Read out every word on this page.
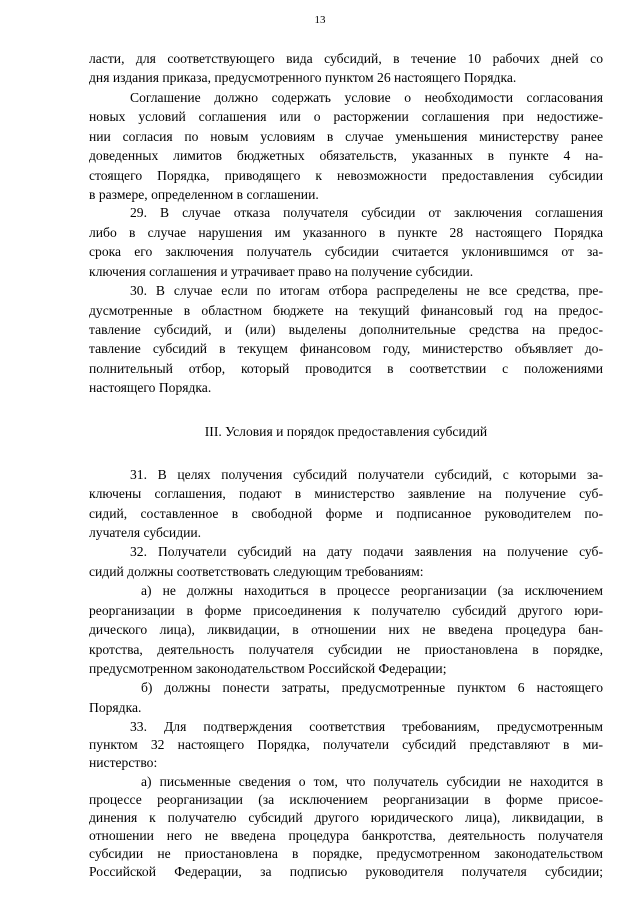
13
ласти, для соответствующего вида субсидий, в течение 10 рабочих дней со
дня издания приказа, предусмотренного пунктом 26 настоящего Порядка.
Соглашение должно содержать условие о необходимости согласования
новых условий соглашения или о расторжении соглашения при недостиже-
нии согласия по новым условиям в случае уменьшения министерству ранее
доведенных лимитов бюджетных обязательств, указанных в пункте 4 на-
стоящего Порядка, приводящего к невозможности предоставления субсидии
в размере, определенном в соглашении.
29. В случае отказа получателя субсидии от заключения соглашения
либо в случае нарушения им указанного в пункте 28 настоящего Порядка
срока его заключения получатель субсидии считается уклонившимся от за-
ключения соглашения и утрачивает право на получение субсидии.
30. В случае если по итогам отбора распределены не все средства, пре-
дусмотренные в областном бюджете на текущий финансовый год на предос-
тавление субсидий, и (или) выделены дополнительные средства на предос-
тавление субсидий в текущем финансовом году, министерство объявляет до-
полнительный отбор, который проводится в соответствии с положениями
настоящего Порядка.
III. Условия и порядок предоставления субсидий
31. В целях получения субсидий получатели субсидий, с которыми за-
ключены соглашения, подают в министерство заявление на получение суб-
сидий, составленное в свободной форме и подписанное руководителем по-
лучателя субсидии.
32. Получатели субсидий на дату подачи заявления на получение суб-
сидий должны соответствовать следующим требованиям:
а) не должны находиться в процессе реорганизации (за исключением
реорганизации в форме присоединения к получателю субсидий другого юри-
дического лица), ликвидации, в отношении них не введена процедура бан-
кротства, деятельность получателя субсидии не приостановлена в порядке,
предусмотренном законодательством Российской Федерации;
б) должны понести затраты, предусмотренные пунктом 6 настоящего
Порядка.
33. Для подтверждения соответствия требованиям, предусмотренным
пунктом 32 настоящего Порядка, получатели субсидий представляют в ми-
нистерство:
а) письменные сведения о том, что получатель субсидии не находится в
процессе реорганизации (за исключением реорганизации в форме присое-
динения к получателю субсидий другого юридического лица), ликвидации, в
отношении него не введена процедура банкротства, деятельность получателя
субсидии не приостановлена в порядке, предусмотренном законодательством
Российской Федерации, за подписью руководителя получателя субсидии;
